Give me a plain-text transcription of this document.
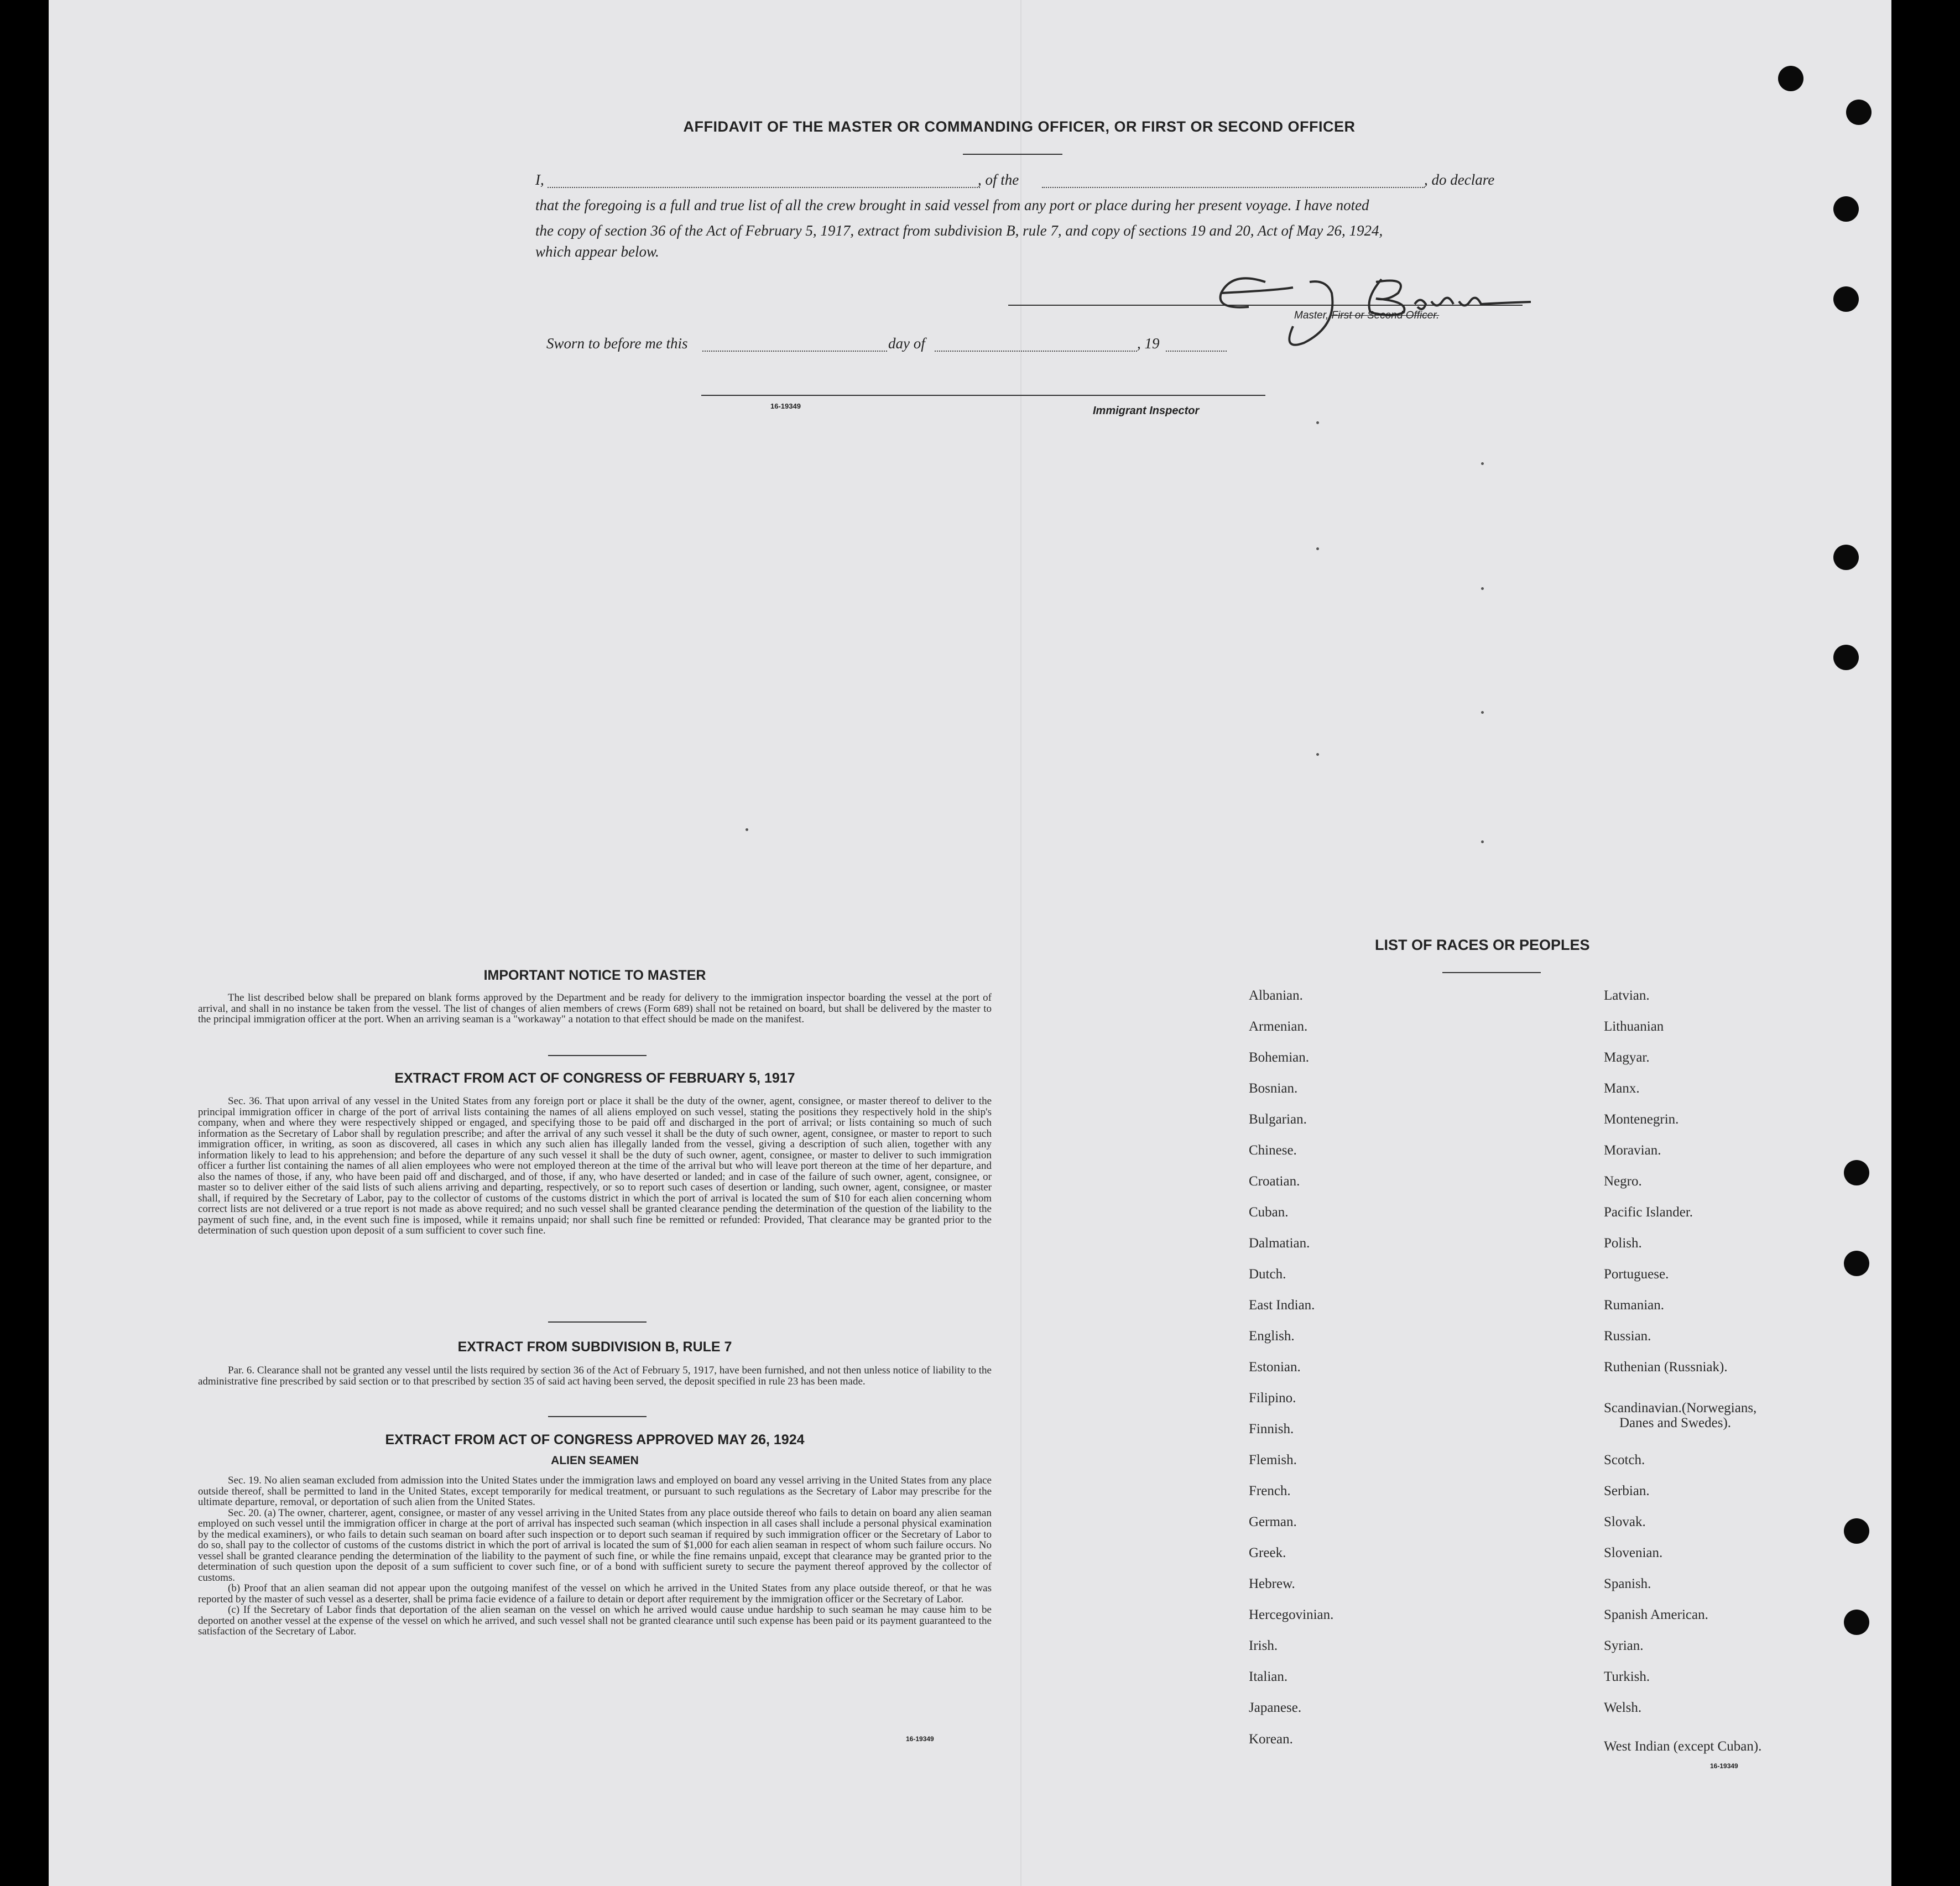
AFFIDAVIT OF THE MASTER OR COMMANDING OFFICER, OR FIRST OR SECOND OFFICER
I,	, of the	, do declare
that the foregoing is a full and true list of all the crew brought in said vessel from any port or place during her present voyage. I have noted
the copy of section 36 of the Act of February 5, 1917, extract from subdivision B, rule 7, and copy of sections 19 and 20, Act of May 26, 1924,
which appear below.
Master, First or Second Officer.
Sworn to before me this	day of	, 19
16-19349	Immigrant Inspector
IMPORTANT NOTICE TO MASTER

The list described below shall be prepared on blank forms approved by the Department and be ready for delivery to the immigration inspector boarding the vessel at the port of arrival, and shall in no instance be taken from the vessel. The list of changes of alien members of crews (Form 689) shall not be retained on board, but shall be delivered by the master to the principal immigration officer at the port. When an arriving seaman is a "workaway" a notation to that effect should be made on the manifest.

EXTRACT FROM ACT OF CONGRESS OF FEBRUARY 5, 1917

Sec. 36. That upon arrival of any vessel in the United States from any foreign port or place it shall be the duty of the owner, agent, consignee, or master thereof to deliver to the principal immigration officer in charge of the port of arrival lists containing the names of all aliens employed on such vessel, stating the positions they respectively hold in the ship's company, when and where they were respectively shipped or engaged, and specifying those to be paid off and discharged in the port of arrival; or lists containing so much of such information as the Secretary of Labor shall by regulation prescribe; and after the arrival of any such vessel it shall be the duty of such owner, agent, consignee, or master to report to such immigration officer, in writing, as soon as discovered, all cases in which any such alien has illegally landed from the vessel, giving a description of such alien, together with any information likely to lead to his apprehension; and before the departure of any such vessel it shall be the duty of such owner, agent, consignee, or master to deliver to such immigration officer a further list containing the names of all alien employees who were not employed thereon at the time of the arrival but who will leave port thereon at the time of her departure, and also the names of those, if any, who have been paid off and discharged, and of those, if any, who have deserted or landed; and in case of the failure of such owner, agent, consignee, or master so to deliver either of the said lists of such aliens arriving and departing, respectively, or so to report such cases of desertion or landing, such owner, agent, consignee, or master shall, if required by the Secretary of Labor, pay to the collector of customs of the customs district in which the port of arrival is located the sum of $10 for each alien concerning whom correct lists are not delivered or a true report is not made as above required; and no such vessel shall be granted clearance pending the determination of the question of the liability to the payment of such fine, and, in the event such fine is imposed, while it remains unpaid; nor shall such fine be remitted or refunded: Provided, That clearance may be granted prior to the determination of such question upon deposit of a sum sufficient to cover such fine.

EXTRACT FROM SUBDIVISION B, RULE 7

Par. 6. Clearance shall not be granted any vessel until the lists required by section 36 of the Act of February 5, 1917, have been furnished, and not then unless notice of liability to the administrative fine prescribed by said section or to that prescribed by section 35 of said act having been served, the deposit specified in rule 23 has been made.

EXTRACT FROM ACT OF CONGRESS APPROVED MAY 26, 1924
ALIEN SEAMEN

Sec. 19. No alien seaman excluded from admission into the United States under the immigration laws and employed on board any vessel arriving in the United States from any place outside thereof, shall be permitted to land in the United States, except temporarily for medical treatment, or pursuant to such regulations as the Secretary of Labor may prescribe for the ultimate departure, removal, or deportation of such alien from the United States.

Sec. 20. (a) The owner, charterer, agent, consignee, or master of any vessel arriving in the United States from any place outside thereof who fails to detain on board any alien seaman employed on such vessel until the immigration officer in charge at the port of arrival has inspected such seaman (which inspection in all cases shall include a personal physical examination by the medical examiners), or who fails to detain such seaman on board after such inspection or to deport such seaman if required by such immigration officer or the Secretary of Labor to do so, shall pay to the collector of customs of the customs district in which the port of arrival is located the sum of $1,000 for each alien seaman in respect of whom such failure occurs. No vessel shall be granted clearance pending the determination of the liability to the payment of such fine, or while the fine remains unpaid, except that clearance may be granted prior to the determination of such question upon the deposit of a sum sufficient to cover such fine, or of a bond with sufficient surety to secure the payment thereof approved by the collector of customs.

(b) Proof that an alien seaman did not appear upon the outgoing manifest of the vessel on which he arrived in the United States from any place outside thereof, or that he was reported by the master of such vessel as a deserter, shall be prima facie evidence of a failure to detain or deport after requirement by the immigration officer or the Secretary of Labor.

(c) If the Secretary of Labor finds that deportation of the alien seaman on the vessel on which he arrived would cause undue hardship to such seaman he may cause him to be deported on another vessel at the expense of the vessel on which he arrived, and such vessel shall not be granted clearance until such expense has been paid or its payment guaranteed to the satisfaction of the Secretary of Labor.

16-19349
LIST OF RACES OR PEOPLES
16-19349
Albanian.
Armenian.
Bohemian.
Bosnian.
Bulgarian.
Chinese.
Croatian.
Cuban.
Dalmatian.
Dutch.
East Indian.
English.
Estonian.
Filipino.
Finnish.
Flemish.
French.
German.
Greek.
Hebrew.
Hercegovinian.
Irish.
Italian.
Japanese.
Korean.
Latvian.
Lithuanian
Magyar.
Manx.
Montenegrin.
Moravian.
Negro.
Pacific Islander.
Polish.
Portuguese.
Rumanian.
Russian.
Ruthenian (Russniak).
Scandinavian.(Norwegians,
Danes and Swedes).
Scotch.
Serbian.
Slovak.
Slovenian.
Spanish.
Spanish American.
Syrian.
Turkish.
Welsh.
West Indian (except Cuban).
